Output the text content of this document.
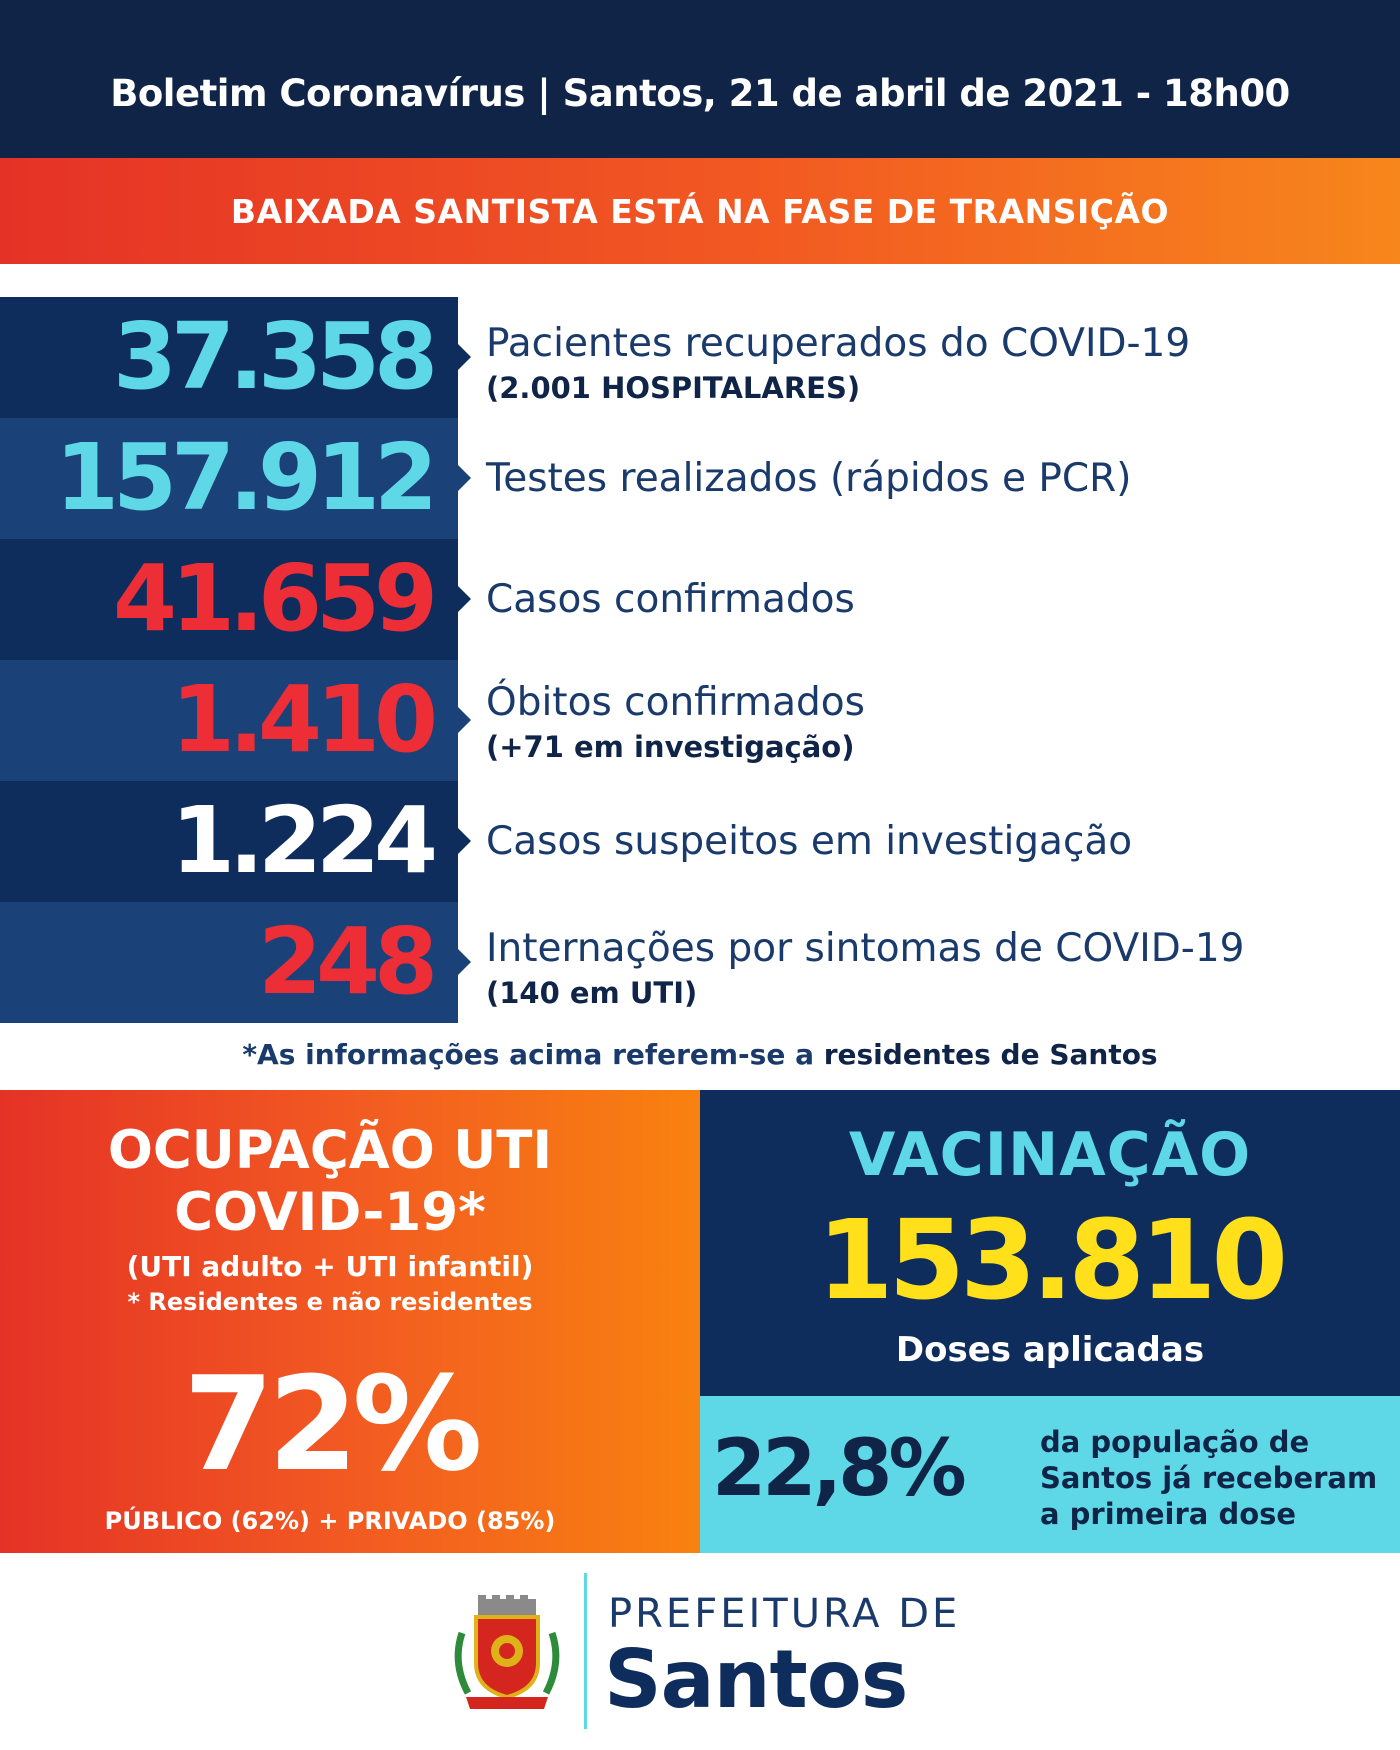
Boletim Coronavírus | Santos, 21 de abril de 2021 - 18h00
BAIXADA SANTISTA ESTÁ NA FASE DE TRANSIÇÃO
37.358 Pacientes recuperados do COVID-19
(2.001 HOSPITALARES)
157.912 Testes realizados (rápidos e PCR)
41.659 Casos confirmados
1.410 Óbitos confirmados
(+71 em investigação)
1.224 Casos suspeitos em investigação
248 Internações por sintomas de COVID-19
(140 em UTI)
*As informações acima referem-se a residentes de Santos
OCUPAÇÃO UTI
COVID-19*
(UTI adulto + UTI infantil)
* Residentes e não residentes
72%
PÚBLICO (62%) + PRIVADO (85%)
VACINAÇÃO
153.810
Doses aplicadas
22,8%	da população de
Santos já receberam
a primeira dose
PREFEITURA DE
Santos
